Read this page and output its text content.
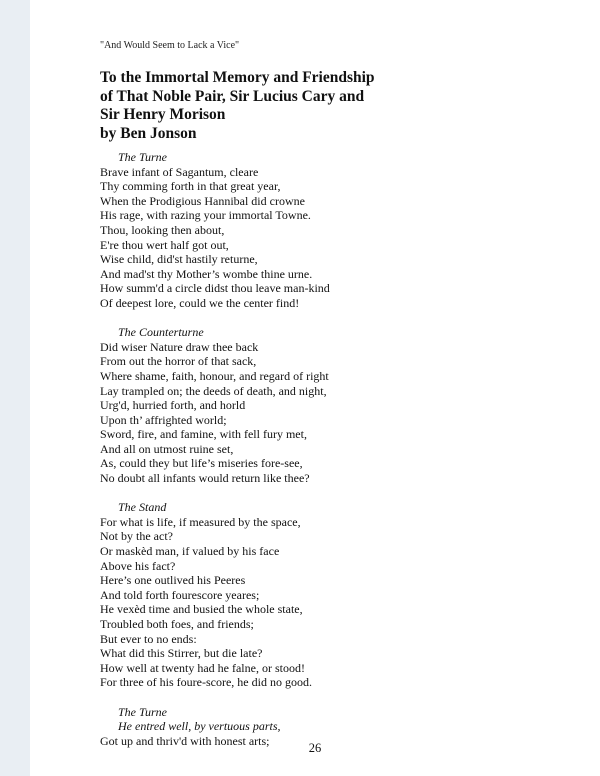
"And Would Seem to Lack a Vice"
To the Immortal Memory and Friendship
of That Noble Pair, Sir Lucius Cary and
Sir Henry Morison
by Ben Jonson
The Turne
Brave infant of Sagantum, cleare
Thy comming forth in that great year,
When the Prodigious Hannibal did crowne
His rage, with razing your immortal Towne.
Thou, looking then about,
E're thou wert half got out,
Wise child, did'st hastily returne,
And mad'st thy Mother’s wombe thine urne.
How summ'd a circle didst thou leave man-kind
Of deepest lore, could we the center find!
The Counterturne
Did wiser Nature draw thee back
From out the horror of that sack,
Where shame, faith, honour, and regard of right
Lay trampled on; the deeds of death, and night,
Urg'd, hurried forth, and horld
Upon th’ affrighted world;
Sword, fire, and famine, with fell fury met,
And all on utmost ruine set,
As, could they but life’s miseries fore-see,
No doubt all infants would return like thee?
The Stand
For what is life, if measured by the space,
Not by the act?
Or maskèd man, if valued by his face
Above his fact?
Here’s one outlived his Peeres
And told forth fourescore yeares;
He vexèd time and busied the whole state,
Troubled both foes, and friends;
But ever to no ends:
What did this Stirrer, but die late?
How well at twenty had he falne, or stood!
For three of his foure-score, he did no good.
The Turne
He entred well, by vertuous parts,
Got up and thriv'd with honest arts;
26
